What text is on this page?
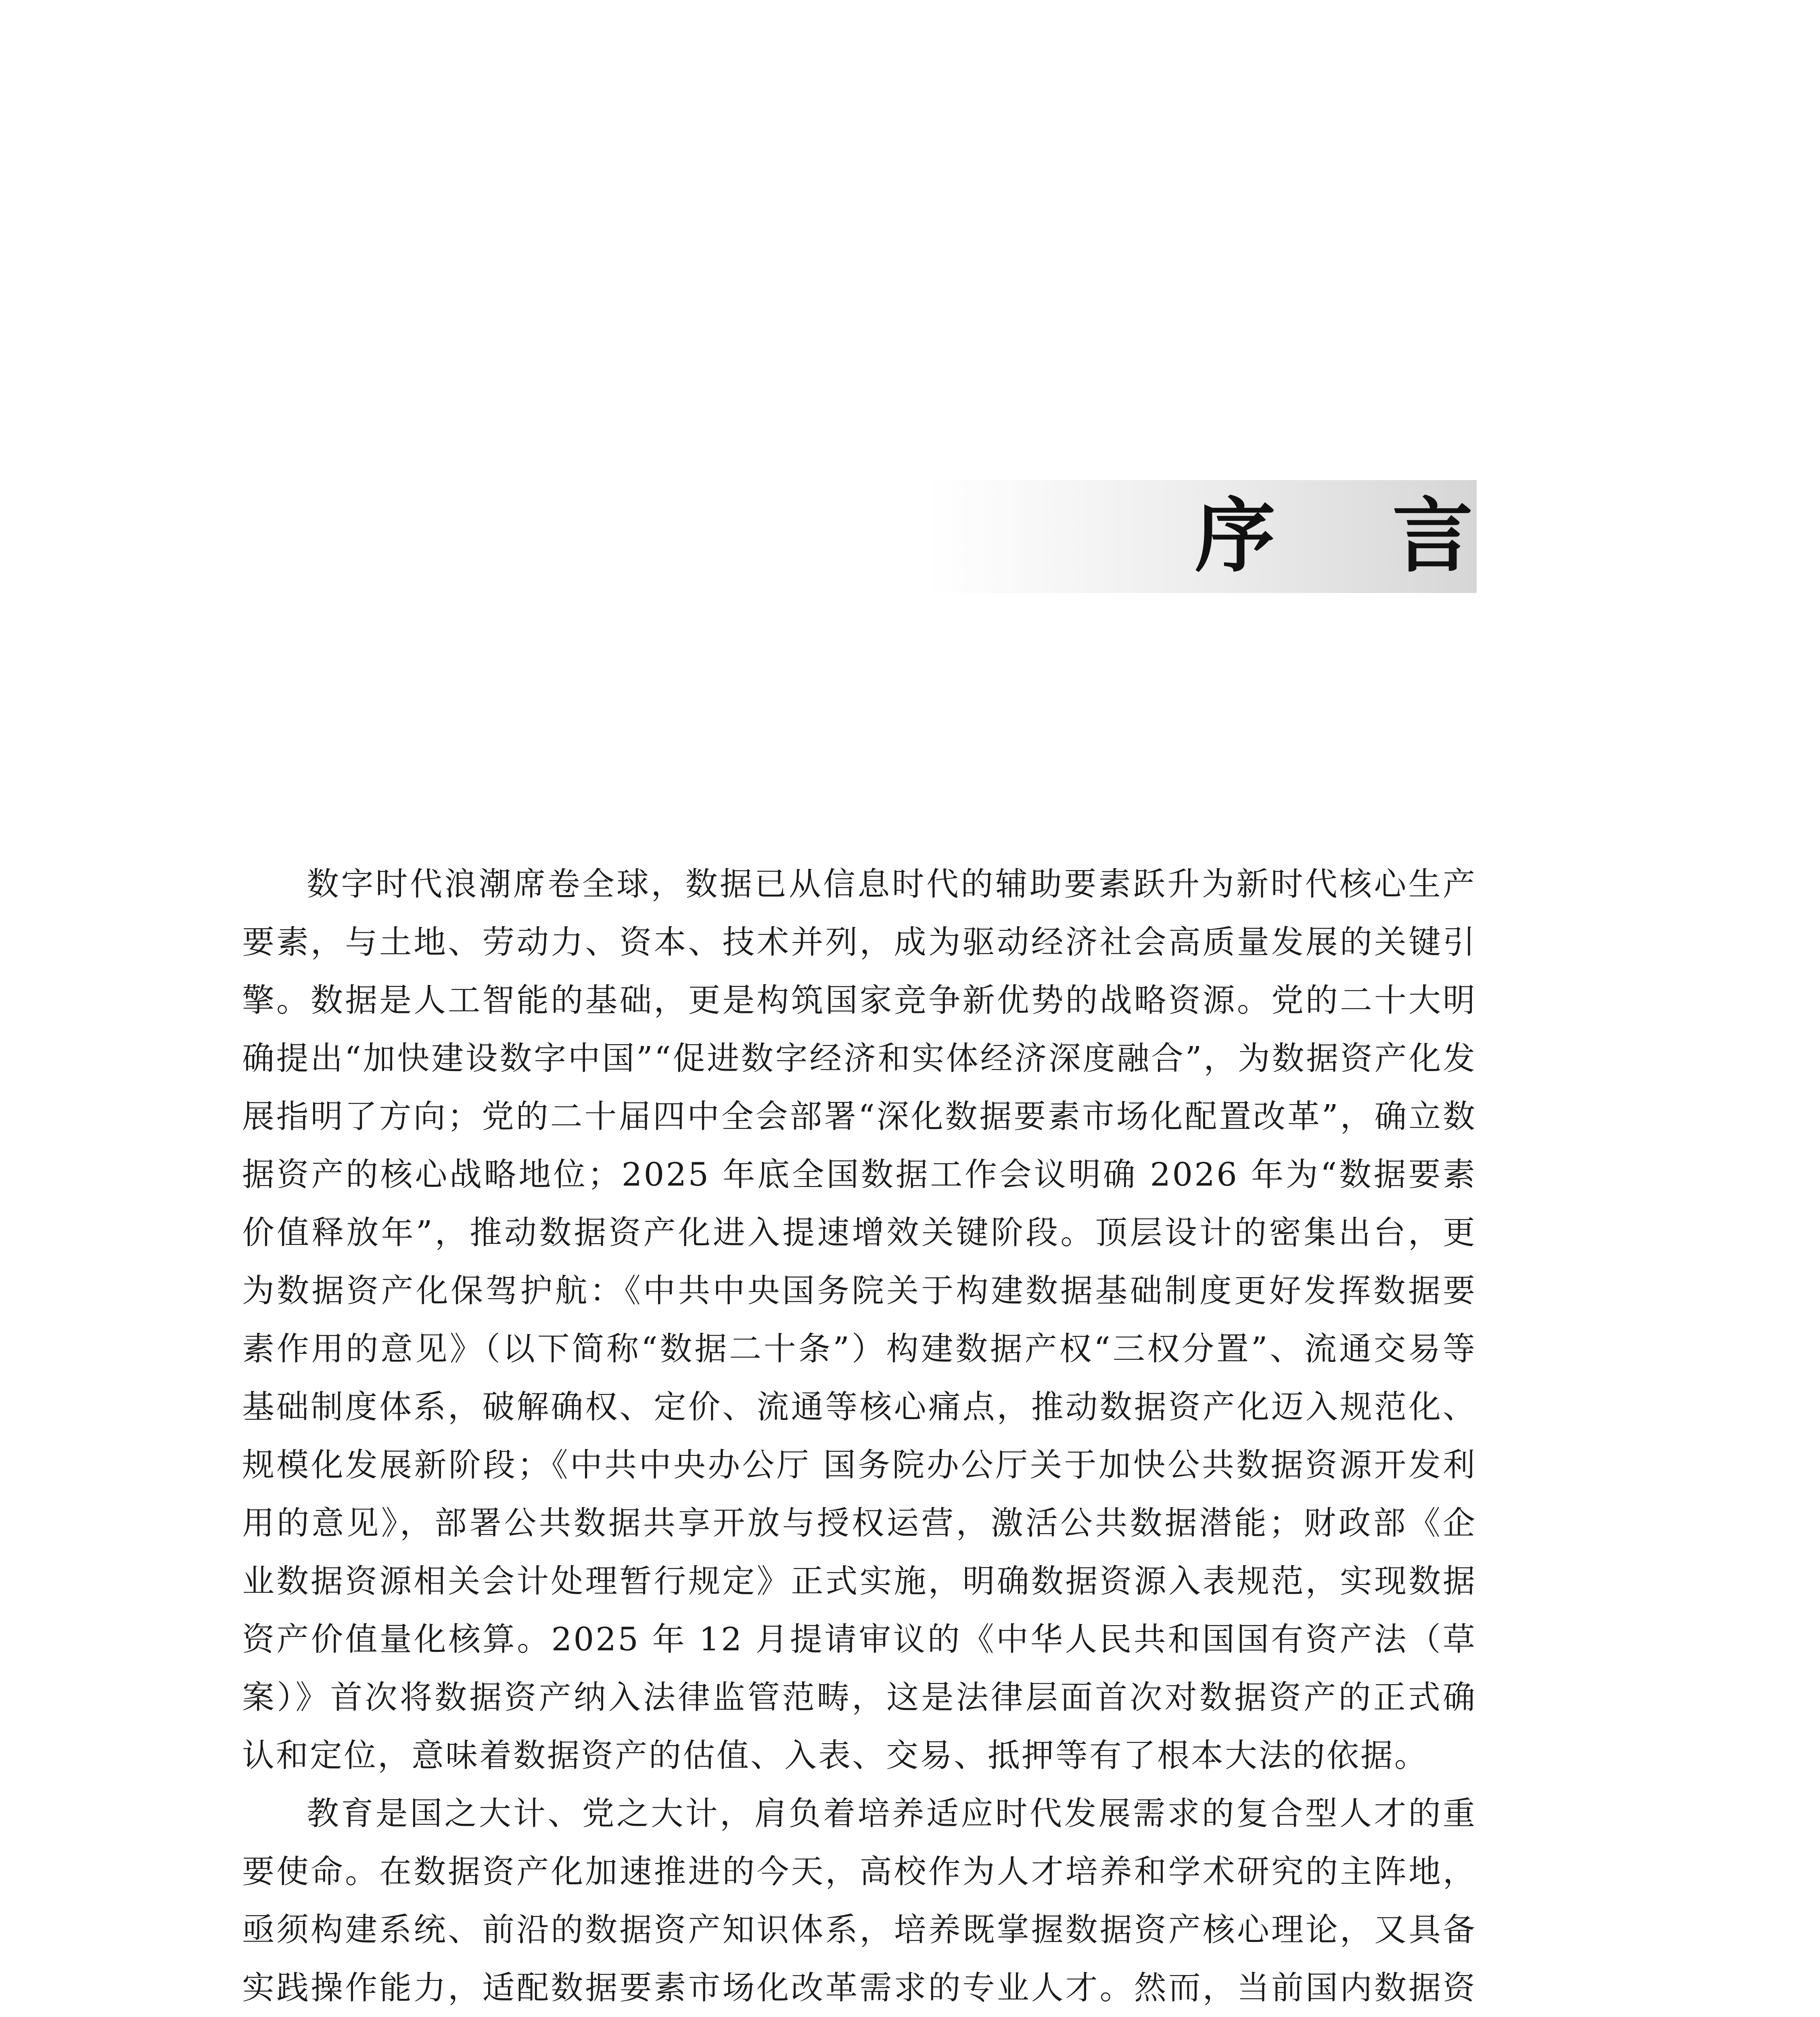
序 言

数字时代浪潮席卷全球，数据已从信息时代的辅助要素跃升为新时代核心生产要素，与土地、劳动力、资本、技术并列，成为驱动经济社会高质量发展的关键引擎。数据是人工智能的基础，更是构筑国家竞争新优势的战略资源。党的二十大明确提出“加快建设数字中国”“促进数字经济和实体经济深度融合”，为数据资产化发展指明了方向；党的二十届四中全会部署“深化数据要素市场化配置改革”，确立数据资产的核心战略地位；2025 年底全国数据工作会议明确 2026 年为“数据要素价值释放年”，推动数据资产化进入提速增效关键阶段。顶层设计的密集出台，更为数据资产化保驾护航：《中共中央国务院关于构建数据基础制度更好发挥数据要素作用的意见》（以下简称“数据二十条”）构建数据产权“三权分置”、流通交易等基础制度体系，破解确权、定价、流通等核心痛点，推动数据资产化迈入规范化、规模化发展新阶段；《中共中央办公厅 国务院办公厅关于加快公共数据资源开发利用的意见》，部署公共数据共享开放与授权运营，激活公共数据潜能；财政部《企业数据资源相关会计处理暂行规定》正式实施，明确数据资源入表规范，实现数据资产价值量化核算。2025 年 12 月提请审议的《中华人民共和国国有资产法（草案）》首次将数据资产纳入法律监管范畴，这是法律层面首次对数据资产的正式确认和定位，意味着数据资产的估值、入表、交易、抵押等有了根本大法的依据。

教育是国之大计、党之大计，肩负着培养适应时代发展需求的复合型人才的重要使命。在数据资产化加速推进的今天，高校作为人才培养和学术研究的主阵地，亟须构建系统、前沿的数据资产知识体系，培养既掌握数据资产核心理论，又具备实践操作能力，适配数据要素市场化改革需求的专业人才。然而，当前国内数据资
